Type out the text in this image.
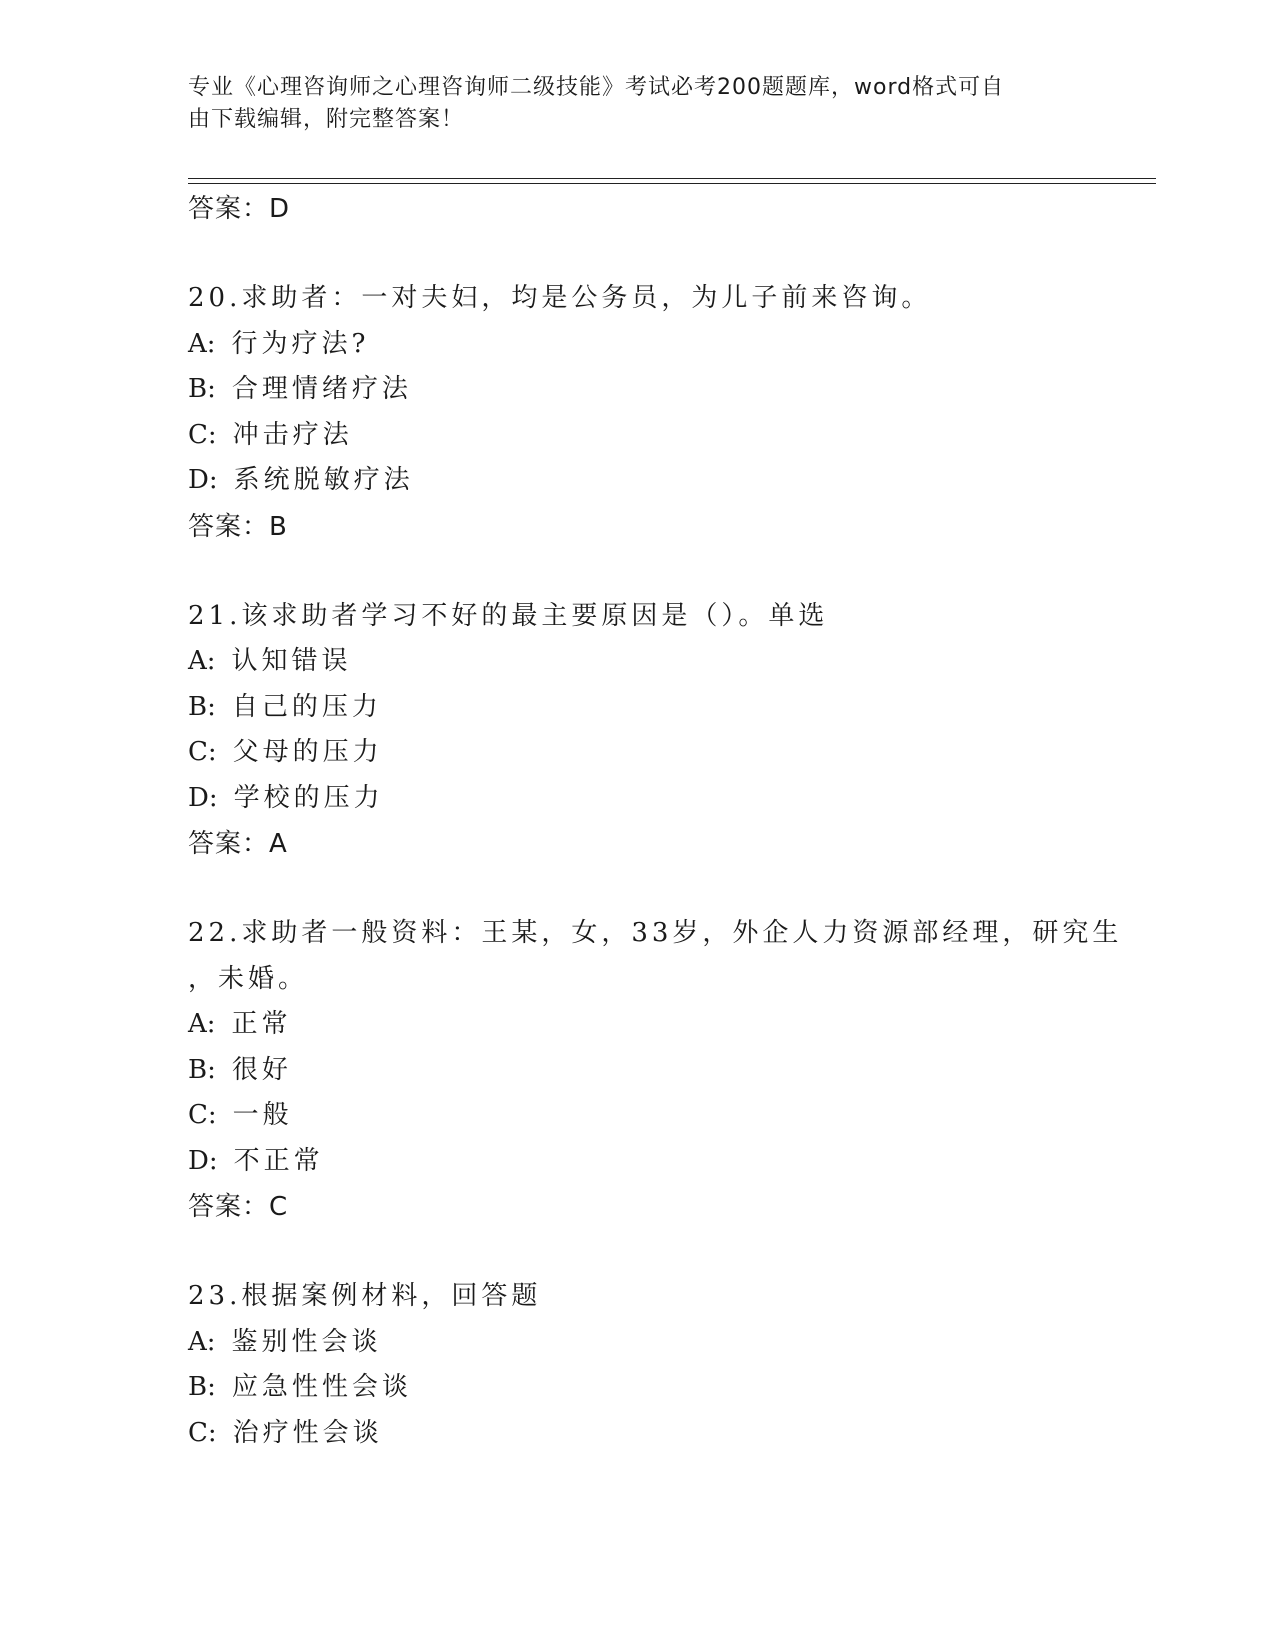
专业《心理咨询师之心理咨询师二级技能》考试必考200题题库，word格式可自
由下载编辑，附完整答案！
答案：D
20.求助者：一对夫妇，均是公务员，为儿子前来咨询。
A: 行为疗法?
B: 合理情绪疗法
C: 冲击疗法
D: 系统脱敏疗法
答案：B
21.该求助者学习不好的最主要原因是（）。单选
A: 认知错误
B: 自己的压力
C: 父母的压力
D: 学校的压力
答案：A
22.求助者一般资料：王某，女，33岁，外企人力资源部经理，研究生
，未婚。
A: 正常
B: 很好
C: 一般
D: 不正常
答案：C
23.根据案例材料，回答题
A: 鉴别性会谈
B: 应急性性会谈
C: 治疗性会谈
